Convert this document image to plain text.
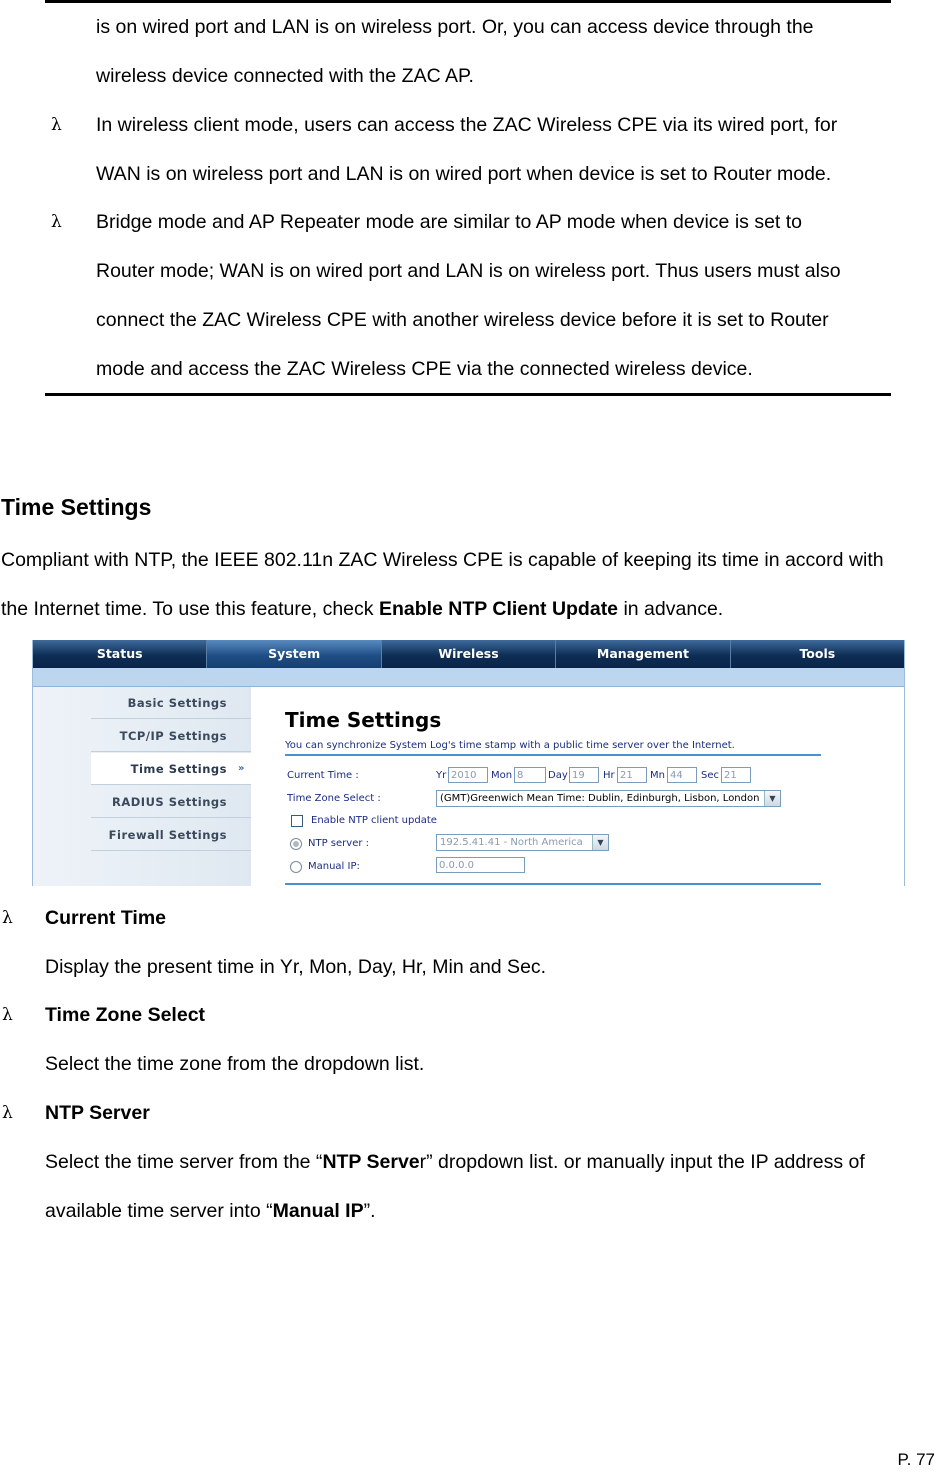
is on wired port and LAN is on wireless port. Or, you can access device through the
wireless device connected with the ZAC AP.
λ In wireless client mode, users can access the ZAC Wireless CPE via its wired port, for
WAN is on wireless port and LAN is on wired port when device is set to Router mode.
λ Bridge mode and AP Repeater mode are similar to AP mode when device is set to
Router mode; WAN is on wired port and LAN is on wireless port. Thus users must also
connect the ZAC Wireless CPE with another wireless device before it is set to Router
mode and access the ZAC Wireless CPE via the connected wireless device.
Time Settings
Compliant with NTP, the IEEE 802.11n ZAC Wireless CPE is capable of keeping its time in accord with
the Internet time. To use this feature, check Enable NTP Client Update in advance.
Status	System	Wireless	Management	Tools
Basic Settings
TCP/IP Settings
Time Settings »
RADIUS Settings
Firewall Settings
Time Settings
You can synchronize System Log's time stamp with a public time server over the Internet.
Current Time :	Yr 2010	Mon 8	Day 19	Hr 21	Mn 44	Sec 21
Time Zone Select :	(GMT)Greenwich Mean Time: Dublin, Edinburgh, Lisbon, London	▼
Enable NTP client update
NTP server :	192.5.41.41 - North America	▼
Manual IP:	0.0.0.0
λ Current Time
Display the present time in Yr, Mon, Day, Hr, Min and Sec.
λ Time Zone Select
Select the time zone from the dropdown list.
λ NTP Server
Select the time server from the “NTP Server” dropdown list. or manually input the IP address of
available time server into “Manual IP”.
P. 77
